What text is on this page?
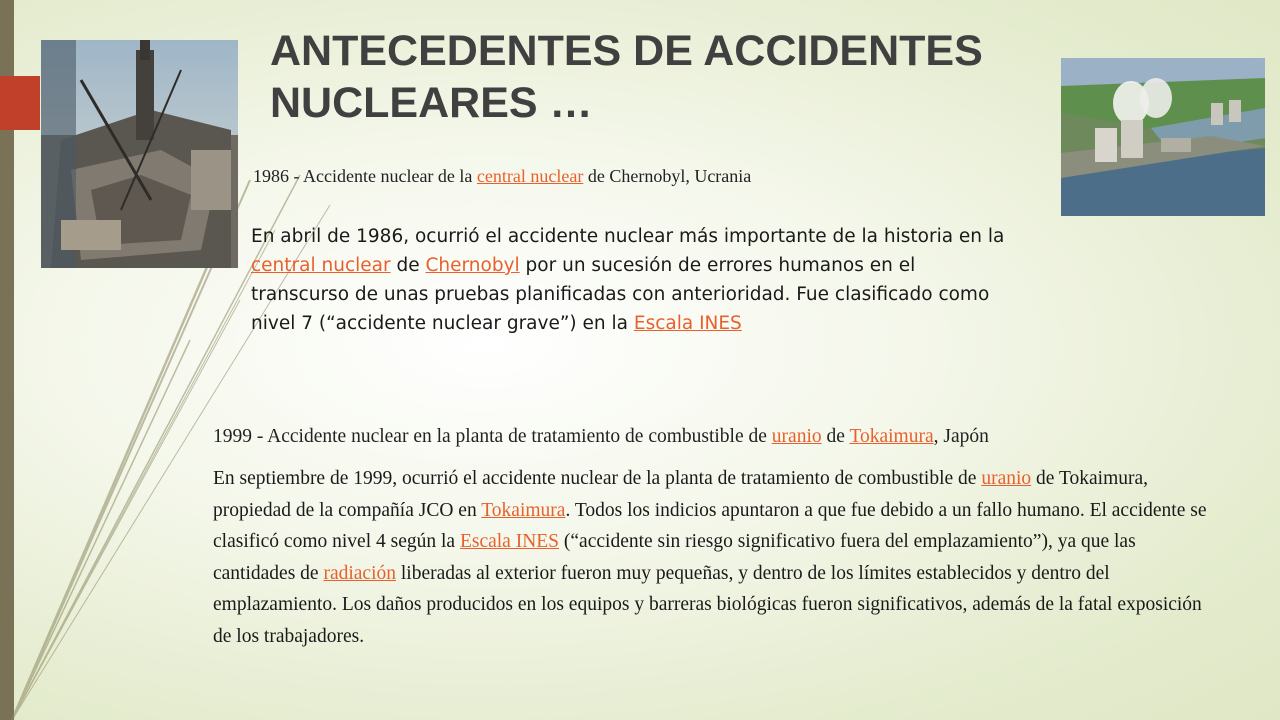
ANTECEDENTES DE ACCIDENTES
NUCLEARES …
1986 - Accidente nuclear de la central nuclear de Chernobyl, Ucrania
En abril de 1986, ocurrió el accidente nuclear más importante de la historia en la central nuclear de Chernobyl por un sucesión de errores humanos en el transcurso de unas pruebas planificadas con anterioridad. Fue clasificado como nivel 7 (“accidente nuclear grave”) en la Escala INES
1999 - Accidente nuclear en la planta de tratamiento de combustible de uranio de Tokaimura, Japón
En septiembre de 1999, ocurrió el accidente nuclear de la planta de tratamiento de combustible de uranio de Tokaimura, propiedad de la compañía JCO en Tokaimura. Todos los indicios apuntaron a que fue debido a un fallo humano. El accidente se clasificó como nivel 4 según la Escala INES (“accidente sin riesgo significativo fuera del emplazamiento”), ya que las cantidades de radiación liberadas al exterior fueron muy pequeñas, y dentro de los límites establecidos y dentro del emplazamiento. Los daños producidos en los equipos y barreras biológicas fueron significativos, además de la fatal exposición de los trabajadores.
